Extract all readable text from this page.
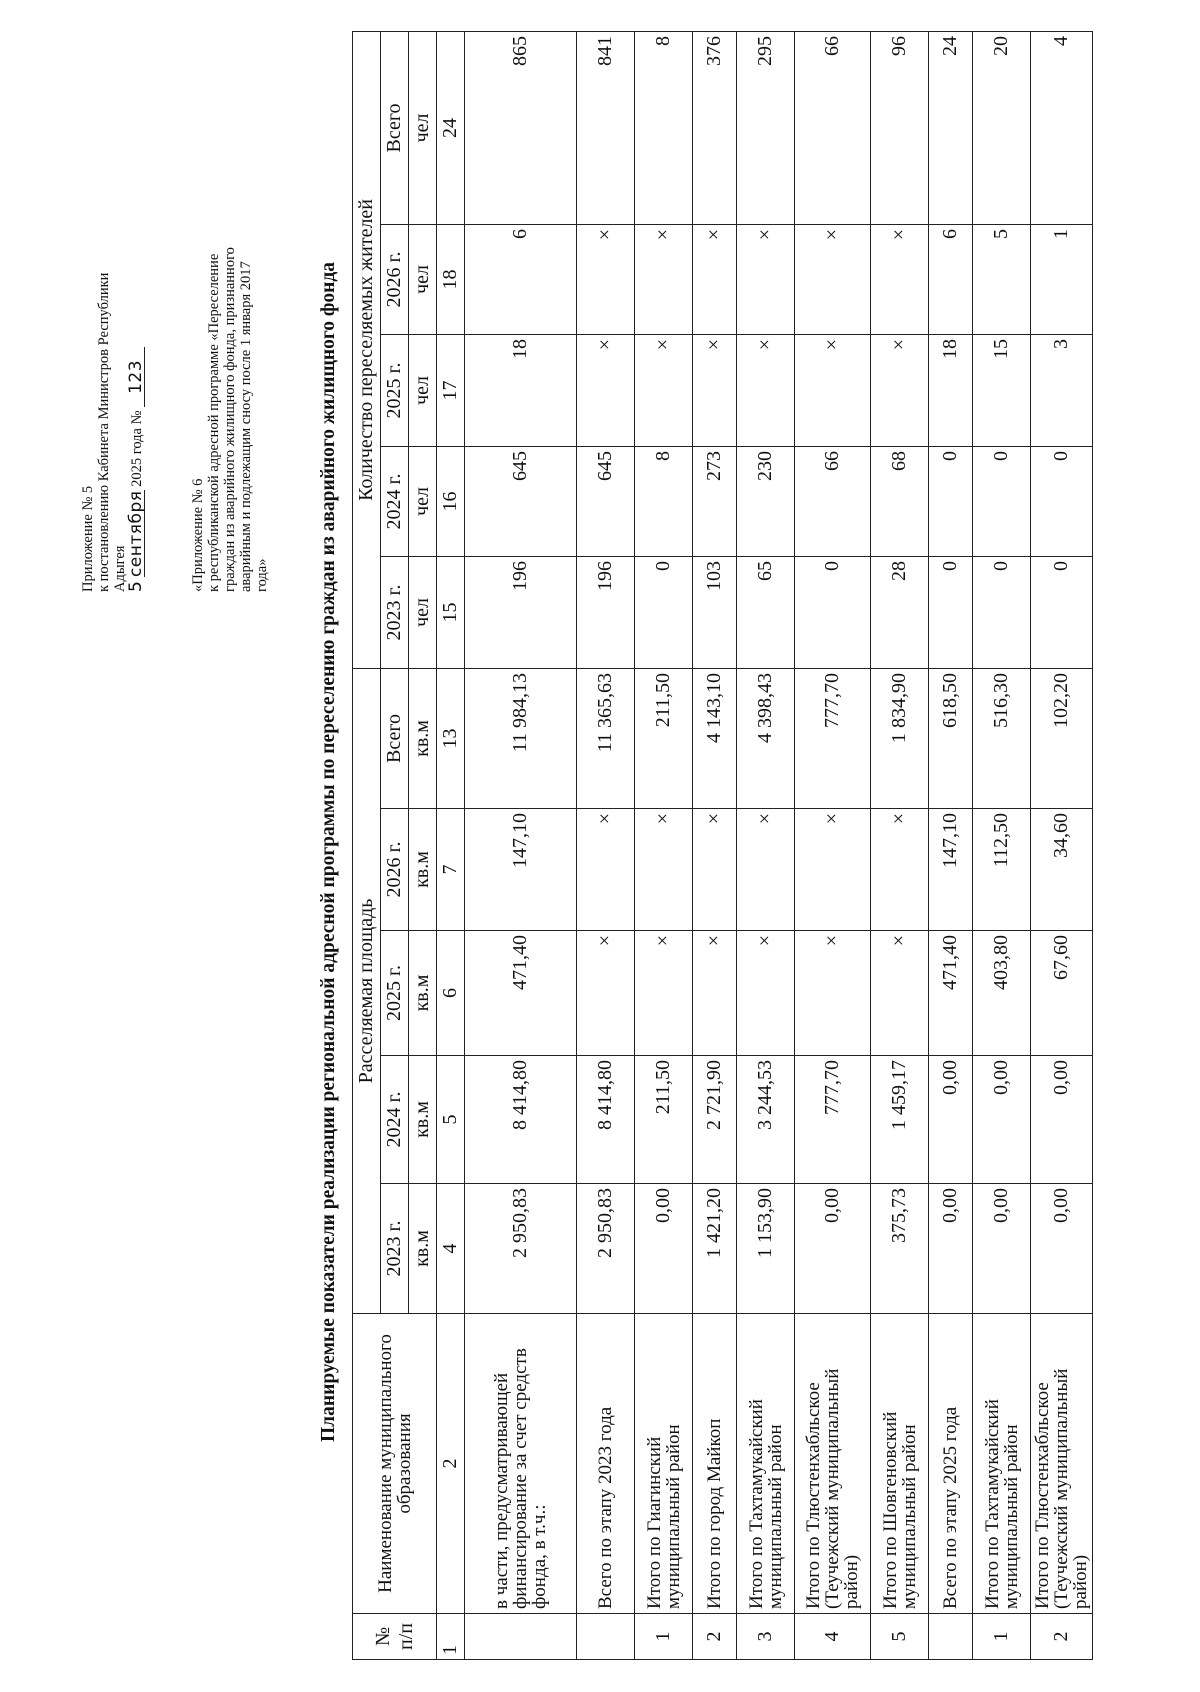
Приложение № 5 к постановлению Кабинета Министров Республики Адыгея
5 сентября 2025 года № 123
«Приложение № 6 к республиканской адресной программе «Переселение граждан из аварийного жилищного фонда, признанного аварийным и подлежащим сносу после 1 января 2017 года» Планируемые показатели реализации региональной адресной программы по переселению граждан из аварийного жилищного фонда
№ п/п	Наименование муниципального образования	Расселяемая площадь					Количество переселяемых жителей				
		2023 г.	2024 г.	2025 г.	2026 г.	Всего	2023 г.	2024 г.	2025 г.	2026 г.	Всего
		кв.м	кв.м	кв.м	кв.м	кв.м	чел	чел	чел	чел	чел
1	2	4	5	6	7	13	15	16	17	18	24
	в части, предусматривающей финансирование за счет средств фонда, в т.ч.:	2 950,83	8 414,80	471,40	147,10	11 984,13	196	645	18	6	865
	Всего по этапу 2023 года	2 950,83	8 414,80	×	×	11 365,63	196	645	×	×	841
1	Итого по Гиагинский муниципальный район	0,00	211,50	×	×	211,50	0	8	×	×	8
2	Итого по город Майкоп	1 421,20	2 721,90	×	×	4 143,10	103	273	×	×	376
3	Итого по Тахтамукайский муниципальный район	1 153,90	3 244,53	×	×	4 398,43	65	230	×	×	295
4	Итого по Тлюстенхабльское (Теучежский муниципальный район)	0,00	777,70	×	×	777,70	0	66	×	×	66
5	Итого по Шовгеновский муниципальный район	375,73	1 459,17	×	×	1 834,90	28	68	×	×	96
	Всего по этапу 2025 года	0,00	0,00	471,40	147,10	618,50	0	0	18	6	24
1	Итого по Тахтамукайский муниципальный район	0,00	0,00	403,80	112,50	516,30	0	0	15	5	20
2	Итого по Тлюстенхабльское (Теучежский муниципальный район)	0,00	0,00	67,60	34,60	102,20	0	0	3	1	4
